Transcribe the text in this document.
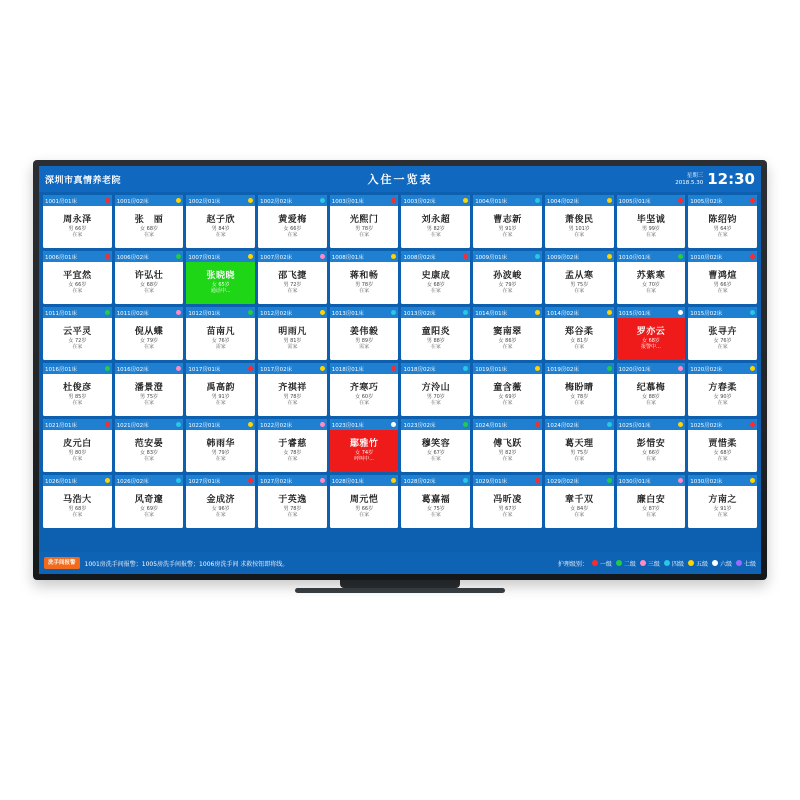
深圳市真情养老院	入住一览表	星期三
2018.5.30 12:30
1001房01床
周永泽
男 66岁
在家
1001房02床
张　丽
女 68岁
在家
1002房01床
赵子欣
男 84岁
在家
1002房02床
黄爱梅
女 66岁
在家
1003房01床
光熙门
男 78岁
在家
1003房02床
刘永超
男 82岁
在家
1004房01床
曹志新
男 91岁
在家
1004房02床
萧俊民
男 101岁
在家
1005房01床
毕坚诚
男 99岁
在家
1005房02床
陈绍钧
男 64岁
在家
1006房01床
平宜然
女 66岁
在家
1006房02床
许弘壮
女 68岁
在家
1007房01床
张晓晓
女 65岁
通话中...
1007房02床
邵飞捷
男 72岁
在家
1008房01床
蒋和畅
男 78岁
在家
1008房02床
史康成
女 68岁
在家
1009房01床
孙波峻
女 79岁
在家
1009房02床
孟从寒
男 75岁
在家
1010房01床
苏紫寒
女 70岁
在家
1010房02床
曹鸿煊
男 66岁
在家
1011房01床
云平灵
女 72岁
在家
1011房02床
倪从蝶
女 79岁
在家
1012房01床
苗南凡
女 76岁
需家
1012房02床
明雨凡
男 81岁
需家
1013房01床
姜伟毅
男 89岁
需家
1013房02床
童阳炎
男 88岁
在家
1014房01床
窦南翠
女 86岁
在家
1014房02床
郑谷柔
女 81岁
在家
1015房01床
罗亦云
女 68岁
报警中...
1015房02床
张寻卉
女 76岁
在家
1016房01床
杜俊彦
男 85岁
在家
1016房02床
潘景澄
男 75岁
在家
1017房01床
禹高韵
男 91岁
在家
1017房02床
齐祺祥
男 78岁
在家
1018房01床
齐寒巧
女 60岁
在家
1018房02床
方泠山
男 70岁
在家
1019房01床
童含薇
女 69岁
在家
1019房02床
梅盼晴
女 78岁
在家
1020房01床
纪慕梅
女 88岁
在家
1020房02床
方春柔
女 90岁
在家
1021房01床
皮元白
男 80岁
在家
1021房02床
范安晏
女 83岁
在家
1022房01床
韩雨华
男 79岁
在家
1022房02床
于睿慈
女 78岁
在家
1023房01床
鄢雅竹
女 74岁
呼叫中...
1023房02床
穆笑容
女 67岁
在家
1024房01床
傅飞跃
男 82岁
在家
1024房02床
葛天理
男 75岁
在家
1025房01床
彭惜安
女 66岁
在家
1025房02床
贾惜柔
女 68岁
在家
1026房01床
马浩大
男 68岁
在家
1026房02床
风奇邃
女 69岁
在家
1027房01床
金成济
女 96岁
在家
1027房02床
于英逸
男 78岁
在家
1028房01床
周元恺
男 66岁
在家
1028房02床
葛嘉福
女 75岁
在家
1029房01床
冯昕凌
男 67岁
在家
1029房02床
章千双
女 84岁
在家
1030房01床
廉白安
女 87岁
在家
1030房02床
方南之
女 91岁
在家
洗手间报警	1001房洗手间报警；1005房洗手间报警；1006房洗手间 求救按钮即将线。	护理级别： 一级 二级 三级 四级 五级 六级 七级
